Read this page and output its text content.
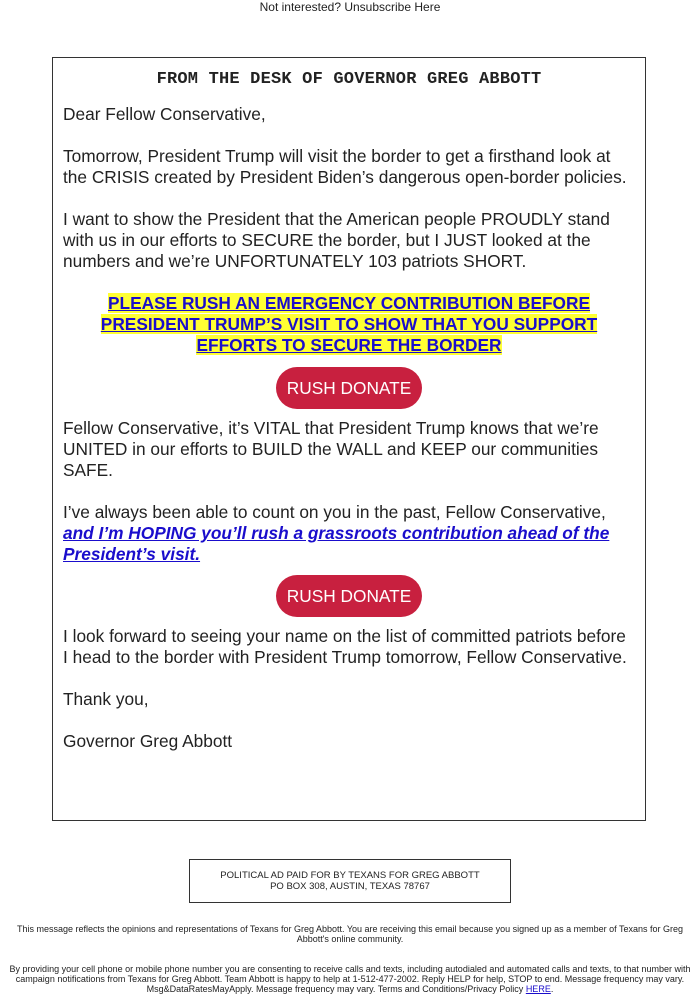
Not interested? Unsubscribe Here
FROM THE DESK OF GOVERNOR GREG ABBOTT

Dear Fellow Conservative,

Tomorrow, President Trump will visit the border to get a firsthand look at the CRISIS created by President Biden’s dangerous open-border policies.

I want to show the President that the American people PROUDLY stand with us in our efforts to SECURE the border, but I JUST looked at the numbers and we’re UNFORTUNATELY 103 patriots SHORT.

PLEASE RUSH AN EMERGENCY CONTRIBUTION BEFORE
PRESIDENT TRUMP’S VISIT TO SHOW THAT YOU SUPPORT
EFFORTS TO SECURE THE BORDER
RUSH DONATE

Fellow Conservative, it’s VITAL that President Trump knows that we’re UNITED in our efforts to BUILD the WALL and KEEP our communities SAFE.

I’ve always been able to count on you in the past, Fellow Conservative, and I’m HOPING you’ll rush a grassroots contribution ahead of the President’s visit.

RUSH DONATE

I look forward to seeing your name on the list of committed patriots before I head to the border with President Trump tomorrow, Fellow Conservative.

Thank you,

Governor Greg Abbott

POLITICAL AD PAID FOR BY TEXANS FOR GREG ABBOTT
PO BOX 308, AUSTIN, TEXAS 78767
This message reflects the opinions and representations of Texans for Greg Abbott. You are receiving this email because you signed up as a member of Texans for Greg Abbott's online community.
By providing your cell phone or mobile phone number you are consenting to receive calls and texts, including autodialed and automated calls and texts, to that number with campaign notifications from Texans for Greg Abbott. Team Abbott is happy to help at 1-512-477-2002. Reply HELP for help, STOP to end. Message frequency may vary. Msg&DataRatesMayApply. Message frequency may vary. Terms and Conditions/Privacy Policy HERE.
